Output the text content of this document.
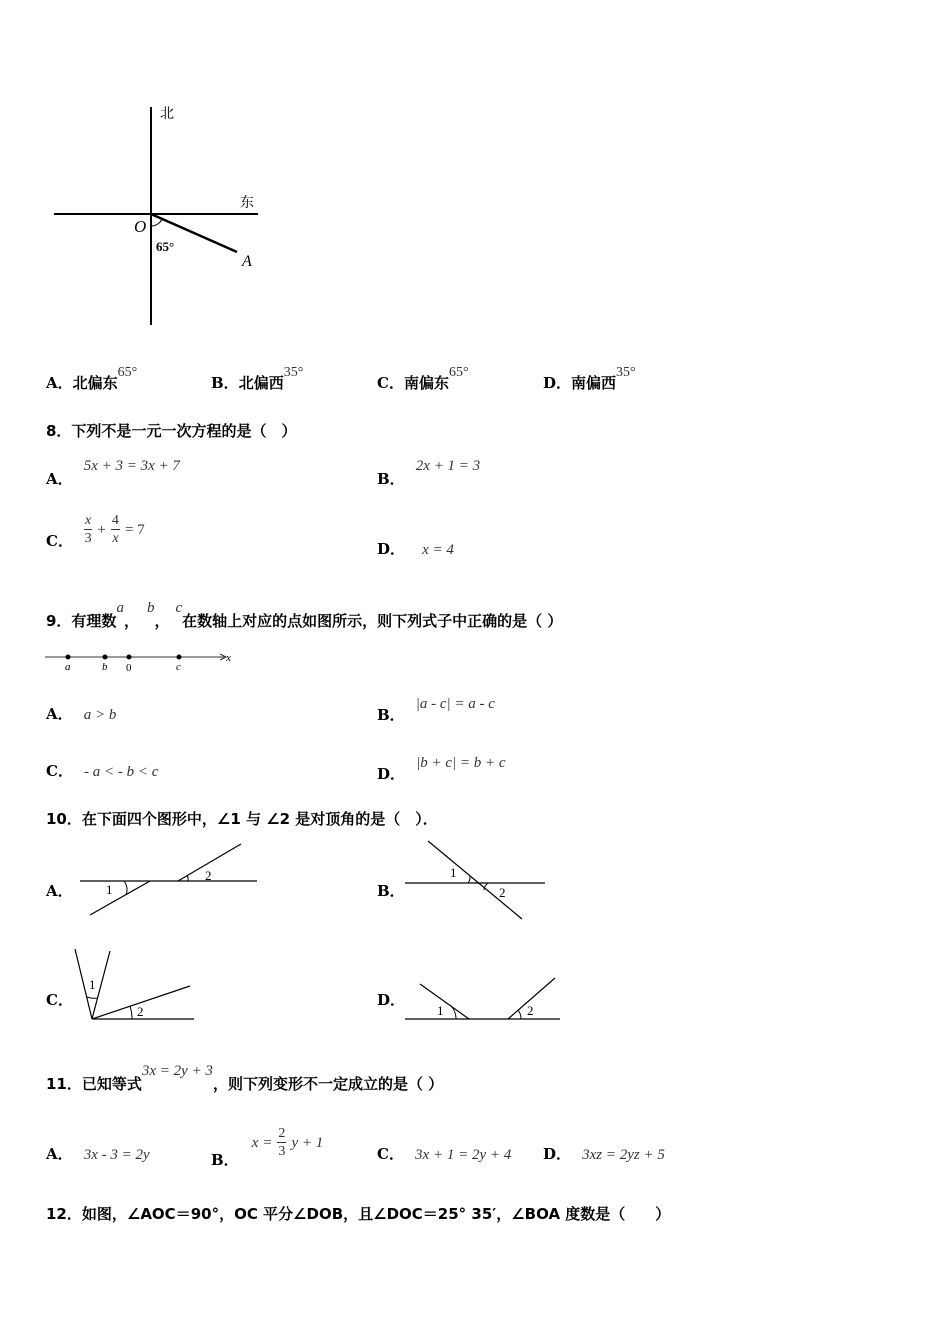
北
东
O
A
65°
A．北偏东65°
B．北偏西35°
C．南偏东65°
D．南偏西35°
8．下列不是一元一次方程的是（　）
A． 5x + 3 = 3x + 7
B． 2x + 1 = 3
C． $\frac{x}{3} + \frac{4}{x} = 7$
D． x = 4
9．有理数a，b，c在数轴上对应的点如图所示，则下列式子中正确的是（ ）
a	b 0	c
x
A． a > b	B． |a - c| = a - c
C． - a < - b < c	D． |b + c| = b + c
10．在下面四个图形中，∠1 与 ∠2 是对顶角的是（　）．
A．	1
2
B．
1
2
C．
1
2
D．
1	2
11．已知等式3x = 2y + 3，则下列变形不一定成立的是（ ）
A． 3x - 3 = 2y	B． $x = \frac{2}{3}$ y + 1
C． 3x + 1 = 2y + 4 D． 3xz = 2yz + 5
12．如图，∠AOC＝90°，OC 平分∠DOB，且∠DOC＝25° 35′，∠BOA 度数是（　　）
